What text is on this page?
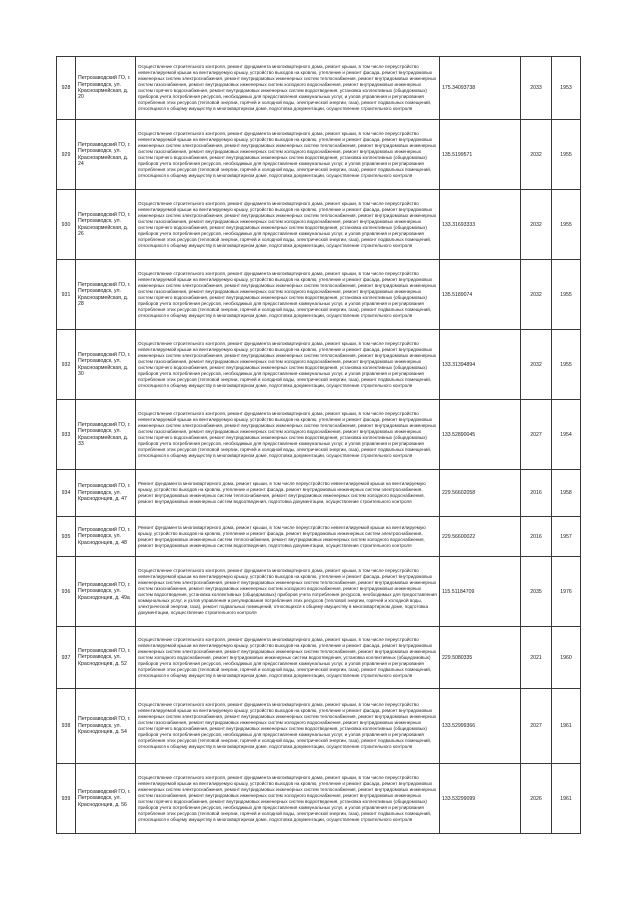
928	Петрозаводский ГО, г. Петрозаводск, ул. Красноармейская, д. 20	Осуществление строительного контроля, ремонт фундамента многоквартирного дома, ремонт крыши, в том числе переустройство невентилируемой крыши на вентилируемую крышу, устройство выходов на кровлю, утепление и ремонт фасада, ремонт внутридомовых инженерных систем электроснабжения, ремонт внутридомовых инженерных систем теплоснабжения, ремонт внутридомовых инженерных систем газоснабжения, ремонт внутридомовых инженерных систем холодного водоснабжения, ремонт внутридомовых инженерных систем горячего водоснабжения, ремонт внутридомовых инженерных систем водоотведения, установка коллективных (общедомовых) приборов учета потребления ресурсов, необходимых для предоставления коммунальных услуг, и узлов управления и регулирования потребления этих ресурсов (тепловой энергии, горячей и холодной воды, электрической энергии, газа), ремонт подвальных помещений, относящихся к общему имуществу в многоквартирном доме, подготовка документации, осуществление строительного контроля	175.34093738	2033	1953
929	Петрозаводский ГО, г. Петрозаводск, ул. Красноармейская, д. 24	Осуществление строительного контроля, ремонт фундамента многоквартирного дома, ремонт крыши, в том числе переустройство невентилируемой крыши на вентилируемую крышу, устройство выходов на кровлю, утепление и ремонт фасада, ремонт внутридомовых инженерных систем электроснабжения, ремонт внутридомовых инженерных систем теплоснабжения, ремонт внутридомовых инженерных систем газоснабжения, ремонт внутридомовых инженерных систем холодного водоснабжения, ремонт внутридомовых инженерных систем горячего водоснабжения, ремонт внутридомовых инженерных систем водоотведения, установка коллективных (общедомовых) приборов учета потребления ресурсов, необходимых для предоставления коммунальных услуг, и узлов управления и регулирования потребления этих ресурсов (тепловой энергии, горячей и холодной воды, электрической энергии, газа), ремонт подвальных помещений, относящихся к общему имуществу в многоквартирном доме, подготовка документации, осуществление строительного контроля	135.5199571	2032	1955
930	Петрозаводский ГО, г. Петрозаводск, ул. Красноармейская, д. 26	Осуществление строительного контроля, ремонт фундамента многоквартирного дома, ремонт крыши, в том числе переустройство невентилируемой крыши на вентилируемую крышу, устройство выходов на кровлю, утепление и ремонт фасада, ремонт внутридомовых инженерных систем электроснабжения, ремонт внутридомовых инженерных систем теплоснабжения, ремонт внутридомовых инженерных систем газоснабжения, ремонт внутридомовых инженерных систем холодного водоснабжения, ремонт внутридомовых инженерных систем горячего водоснабжения, ремонт внутридомовых инженерных систем водоотведения, установка коллективных (общедомовых) приборов учета потребления ресурсов, необходимых для предоставления коммунальных услуг, и узлов управления и регулирования потребления этих ресурсов (тепловой энергии, горячей и холодной воды, электрической энергии, газа), ремонт подвальных помещений, относящихся к общему имуществу в многоквартирном доме, подготовка документации, осуществление строительного контроля	133.31693333	2032	1955
931	Петрозаводский ГО, г. Петрозаводск, ул. Красноармейская, д. 28	Осуществление строительного контроля, ремонт фундамента многоквартирного дома, ремонт крыши, в том числе переустройство невентилируемой крыши на вентилируемую крышу, устройство выходов на кровлю, утепление и ремонт фасада, ремонт внутридомовых инженерных систем электроснабжения, ремонт внутридомовых инженерных систем теплоснабжения, ремонт внутридомовых инженерных систем газоснабжения, ремонт внутридомовых инженерных систем холодного водоснабжения, ремонт внутридомовых инженерных систем горячего водоснабжения, ремонт внутридомовых инженерных систем водоотведения, установка коллективных (общедомовых) приборов учета потребления ресурсов, необходимых для предоставления коммунальных услуг, и узлов управления и регулирования потребления этих ресурсов (тепловой энергии, горячей и холодной воды, электрической энергии, газа), ремонт подвальных помещений, относящихся к общему имуществу в многоквартирном доме, подготовка документации, осуществление строительного контроля	135.5189074	2032	1955
932	Петрозаводский ГО, г. Петрозаводск, ул. Красноармейская, д. 30	Осуществление строительного контроля, ремонт фундамента многоквартирного дома, ремонт крыши, в том числе переустройство невентилируемой крыши на вентилируемую крышу, устройство выходов на кровлю, утепление и ремонт фасада, ремонт внутридомовых инженерных систем электроснабжения, ремонт внутридомовых инженерных систем теплоснабжения, ремонт внутридомовых инженерных систем газоснабжения, ремонт внутридомовых инженерных систем холодного водоснабжения, ремонт внутридомовых инженерных систем горячего водоснабжения, ремонт внутридомовых инженерных систем водоотведения, установка коллективных (общедомовых) приборов учета потребления ресурсов, необходимых для предоставления коммунальных услуг, и узлов управления и регулирования потребления этих ресурсов (тепловой энергии, горячей и холодной воды, электрической энергии, газа), ремонт подвальных помещений, относящихся к общему имуществу в многоквартирном доме, подготовка документации, осуществление строительного контроля	133.31394894	2032	1955
933	Петрозаводский ГО, г. Петрозаводск, ул. Красноармейская, д. 33	Осуществление строительного контроля, ремонт фундамента многоквартирного дома, ремонт крыши, в том числе переустройство невентилируемой крыши на вентилируемую крышу, устройство выходов на кровлю, утепление и ремонт фасада, ремонт внутридомовых инженерных систем электроснабжения, ремонт внутридомовых инженерных систем теплоснабжения, ремонт внутридомовых инженерных систем газоснабжения, ремонт внутридомовых инженерных систем холодного водоснабжения, ремонт внутридомовых инженерных систем горячего водоснабжения, ремонт внутридомовых инженерных систем водоотведения, установка коллективных (общедомовых) приборов учета потребления ресурсов, необходимых для предоставления коммунальных услуг, и узлов управления и регулирования потребления этих ресурсов (тепловой энергии, горячей и холодной воды, электрической энергии, газа), ремонт подвальных помещений, относящихся к общему имуществу в многоквартирном доме, подготовка документации, осуществление строительного контроля	133.52890045	2027	1954
934	Петрозаводский ГО, г. Петрозаводск, ул. Краснодонцев, д. 47	Ремонт фундамента многоквартирного дома, ремонт крыши, в том числе переустройство невентилируемой крыши на вентилируемую крышу, устройство выходов на кровлю, утепление и ремонт фасада, ремонт внутридомовых инженерных систем электроснабжения, ремонт внутридомовых инженерных систем теплоснабжения, ремонт внутридомовых инженерных систем холодного водоснабжения, ремонт внутридомовых инженерных систем водоотведения, подготовка документации, осуществление строительного контроля	229.56602058	2016	1958
935	Петрозаводский ГО, г. Петрозаводск, ул. Краснодонцев, д. 48	Ремонт фундамента многоквартирного дома, ремонт крыши, в том числе переустройство невентилируемой крыши на вентилируемую крышу, устройство выходов на кровлю, утепление и ремонт фасада, ремонт внутридомовых инженерных систем электроснабжения, ремонт внутридомовых инженерных систем теплоснабжения, ремонт внутридомовых инженерных систем холодного водоснабжения, ремонт внутридомовых инженерных систем водоотведения, подготовка документации, осуществление строительного контроля	229.56600022	2016	1957
936	Петрозаводский ГО, г. Петрозаводск, ул. Краснодонцев, д. 49а	Осуществление строительного контроля, ремонт фундамента многоквартирного дома, ремонт крыши, в том числе переустройство невентилируемой крыши на вентилируемую крышу, устройство выходов на кровлю, утепление и ремонт фасада, ремонт внутридомовых инженерных систем электроснабжения, ремонт внутридомовых инженерных систем теплоснабжения, ремонт внутридомовых инженерных систем газоснабжения, ремонт внутридомовых инженерных систем холодного водоснабжения, ремонт внутридомовых инженерных систем водоотведения, установка коллективных (общедомовых) приборов учета потребления ресурсов, необходимых для предоставления коммунальных услуг, и узлов управления и регулирования потребления этих ресурсов (тепловой энергии, горячей и холодной воды, электрической энергии, газа), ремонт подвальных помещений, относящихся к общему имуществу в многоквартирном доме, подготовка документации, осуществление строительного контроля	115.51184709	2035	1976
937	Петрозаводский ГО, г. Петрозаводск, ул. Краснодонцев, д. 52	Осуществление строительного контроля, ремонт фундамента многоквартирного дома, ремонт крыши, в том числе переустройство невентилируемой крыши на вентилируемую крышу, устройство выходов на кровлю, утепление и ремонт фасада, ремонт внутридомовых инженерных систем электроснабжения, ремонт внутридомовых инженерных систем теплоснабжения, ремонт внутридомовых инженерных систем холодного водоснабжения, ремонт внутридомовых инженерных систем водоотведения, установка коллективных (общедомовых) приборов учета потребления ресурсов, необходимых для предоставления коммунальных услуг, и узлов управления и регулирования потребления этих ресурсов (тепловой энергии, горячей и холодной воды, электрической энергии, газа), ремонт подвальных помещений, относящихся к общему имуществу в многоквартирном доме, подготовка документации, осуществление строительного контроля	229.5080335	2021	1960
938	Петрозаводский ГО, г. Петрозаводск, ул. Краснодонцев, д. 54	Осуществление строительного контроля, ремонт фундамента многоквартирного дома, ремонт крыши, в том числе переустройство невентилируемой крыши на вентилируемую крышу, устройство выходов на кровлю, утепление и ремонт фасада, ремонт внутридомовых инженерных систем электроснабжения, ремонт внутридомовых инженерных систем теплоснабжения, ремонт внутридомовых инженерных систем газоснабжения, ремонт внутридомовых инженерных систем холодного водоснабжения, ремонт внутридомовых инженерных систем горячего водоснабжения, ремонт внутридомовых инженерных систем водоотведения, установка коллективных (общедомовых) приборов учета потребления ресурсов, необходимых для предоставления коммунальных услуг, и узлов управления и регулирования потребления этих ресурсов (тепловой энергии, горячей и холодной воды, электрической энергии, газа), ремонт подвальных помещений, относящихся к общему имуществу в многоквартирном доме, подготовка документации, осуществление строительного контроля	133.52999366	2027	1961
939	Петрозаводский ГО, г. Петрозаводск, ул. Краснодонцев, д. 56	Осуществление строительного контроля, ремонт фундамента многоквартирного дома, ремонт крыши, в том числе переустройство невентилируемой крыши на вентилируемую крышу, устройство выходов на кровлю, утепление и ремонт фасада, ремонт внутридомовых инженерных систем электроснабжения, ремонт внутридомовых инженерных систем теплоснабжения, ремонт внутридомовых инженерных систем газоснабжения, ремонт внутридомовых инженерных систем холодного водоснабжения, ремонт внутридомовых инженерных систем горячего водоснабжения, ремонт внутридомовых инженерных систем водоотведения, установка коллективных (общедомовых) приборов учета потребления ресурсов, необходимых для предоставления коммунальных услуг, и узлов управления и регулирования потребления этих ресурсов (тепловой энергии, горячей и холодной воды, электрической энергии, газа), ремонт подвальных помещений, относящихся к общему имуществу в многоквартирном доме, подготовка документации, осуществление строительного контроля	133.53299099	2026	1961
